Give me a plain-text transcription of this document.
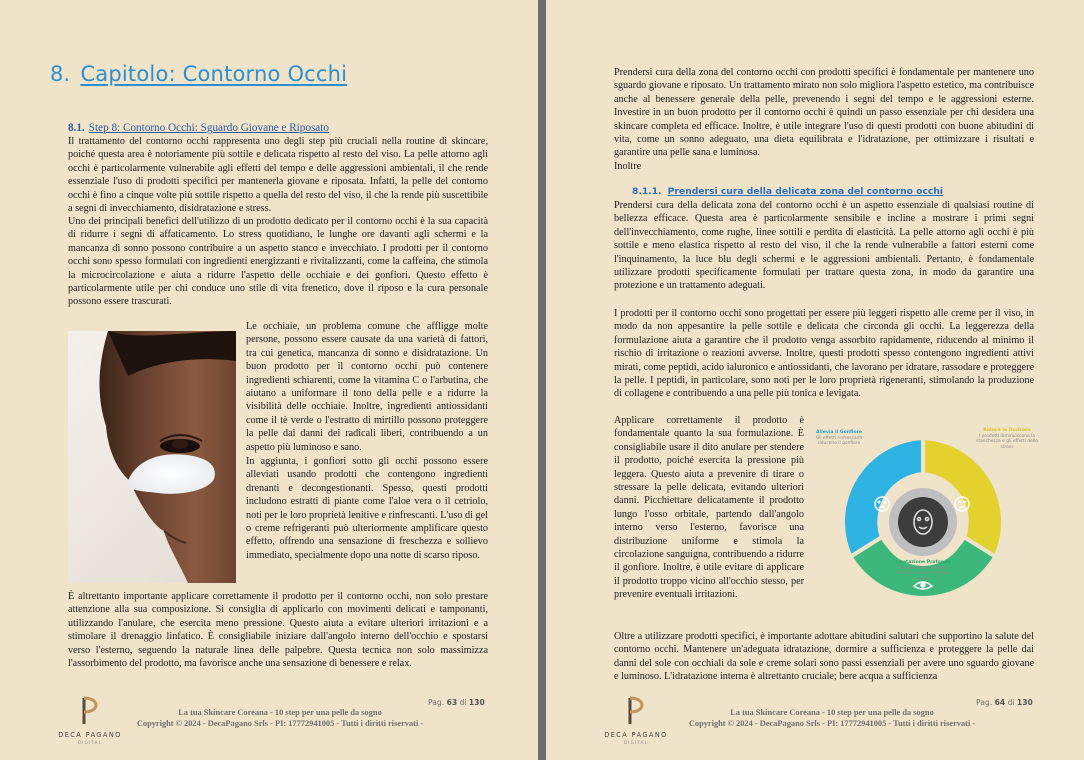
8. Capitolo: Contorno Occhi
8.1. Step 8: Contorno Occhi: Sguardo Giovane e Riposato

Il trattamento del contorno occhi rappresenta uno degli step più cruciali nella routine di skincare, poiché questa area è notoriamente più sottile e delicata rispetto al resto del viso. La pelle attorno agli occhi è particolarmente vulnerabile agli effetti del tempo e delle aggressioni ambientali, il che rende essenziale l'uso di prodotti specifici per mantenerla giovane e riposata. Infatti, la pelle del contorno occhi è fino a cinque volte più sottile rispetto a quella del resto del viso, il che la rende più suscettibile a segni di invecchiamento, disidratazione e stress.

Uno dei principali benefici dell'utilizzo di un prodotto dedicato per il contorno occhi è la sua capacità di ridurre i segni di affaticamento. Lo stress quotidiano, le lunghe ore davanti agli schermi e la mancanza di sonno possono contribuire a un aspetto stanco e invecchiato. I prodotti per il contorno occhi sono spesso formulati con ingredienti energizzanti e rivitalizzanti, come la caffeina, che stimola la microcircolazione e aiuta a ridurre l'aspetto delle occhiaie e dei gonfiori. Questo effetto è particolarmente utile per chi conduce uno stile di vita frenetico, dove il riposo e la cura personale possono essere trascurati.

Le occhiaie, un problema comune che affligge molte persone, possono essere causate da una varietà di fattori, tra cui genetica, mancanza di sonno e disidratazione. Un buon prodotto per il contorno occhi può contenere ingredienti schiarenti, come la vitamina C o l'arbutina, che aiutano a uniformare il tono della pelle e a ridurre la visibilità delle occhiaie. Inoltre, ingredienti antiossidanti come il tè verde o l'estratto di mirtillo possono proteggere la pelle dai danni dei radicali liberi, contribuendo a un aspetto più luminoso e sano.

In aggiunta, i gonfiori sotto gli occhi possono essere alleviati usando prodotti che contengono ingredienti drenanti e decongestionanti. Spesso, questi prodotti includono estratti di piante come l'aloe vera o il cetriolo, noti per le loro proprietà lenitive e rinfrescanti. L'uso di gel o creme refrigeranti può ulteriormente amplificare questo effetto, offrendo una sensazione di freschezza e sollievo immediato, specialmente dopo una notte di scarso riposo.

È altrettanto importante applicare correttamente il prodotto per il contorno occhi, non solo prestare attenzione alla sua composizione. Si consiglia di applicarlo con movimenti delicati e tamponanti, utilizzando l'anulare, che esercita meno pressione. Questo aiuta a evitare ulteriori irritazioni e a stimolare il drenaggio linfatico. È consigliabile iniziare dall'angolo interno dell'occhio e spostarsi verso l'esterno, seguendo la naturale linea delle palpebre. Questa tecnica non solo massimizza l'assorbimento del prodotto, ma favorisce anche una sensazione di benessere e relax.

DECA PAGANO
DIGITAL
La tua Skincare Coreana - 10 step per una pelle da sogno
Copyright © 2024 - DecaPagano Srls - PI: 17772941005 - Tutti i diritti riservati -
Pag. 63 di 130

Prendersi cura della zona del contorno occhi con prodotti specifici è fondamentale per mantenere uno sguardo giovane e riposato. Un trattamento mirato non solo migliora l'aspetto estetico, ma contribuisce anche al benessere generale della pelle, prevenendo i segni del tempo e le aggressioni esterne. Investire in un buon prodotto per il contorno occhi è quindi un passo essenziale per chi desidera una skincare completa ed efficace. Inoltre, è utile integrare l'uso di questi prodotti con buone abitudini di vita, come un sonno adeguato, una dieta equilibrata e l'idratazione, per ottimizzare i risultati e garantire una pelle sana e luminosa.

Inoltre

8.1.1. Prendersi cura della delicata zona del contorno occhi

Prendersi cura della delicata zona del contorno occhi è un aspetto essenziale di qualsiasi routine di bellezza efficace. Questa area è particolarmente sensibile e incline a mostrare i primi segni dell'invecchiamento, come rughe, linee sottili e perdita di elasticità. La pelle attorno agli occhi è più sottile e meno elastica rispetto al resto del viso, il che la rende vulnerabile a fattori esterni come l'inquinamento, la luce blu degli schermi e le aggressioni ambientali. Pertanto, è fondamentale utilizzare prodotti specificamente formulati per trattare questa zona, in modo da garantire una protezione e un trattamento adeguati.

I prodotti per il contorno occhi sono progettati per essere più leggeri rispetto alle creme per il viso, in modo da non appesantire la pelle sottile e delicata che circonda gli occhi. La leggerezza della formulazione aiuta a garantire che il prodotto venga assorbito rapidamente, riducendo al minimo il rischio di irritazione o reazioni avverse. Inoltre, questi prodotti spesso contengono ingredienti attivi mirati, come peptidi, acido ialuronico e antiossidanti, che lavorano per idratare, rassodare e proteggere la pelle. I peptidi, in particolare, sono noti per le loro proprietà rigeneranti, stimolando la produzione di collagene e contribuendo a una pelle più tonica e levigata.

Applicare correttamente il prodotto è fondamentale quanto la sua formulazione. È consigliabile usare il dito anulare per stendere il prodotto, poiché esercita la pressione più leggera. Questo aiuta a prevenire di tirare o stressare la pelle delicata, evitando ulteriori danni. Picchiettare delicatamente il prodotto lungo l'osso orbitale, partendo dall'angolo interno verso l'esterno, favorisce una distribuzione uniforme e stimola la circolazione sanguigna, contribuendo a ridurre il gonfiore. Inoltre, è utile evitare di applicare il prodotto troppo vicino all'occhio stesso, per prevenire eventuali irritazioni.

Allevia il Gonfiore
Gli effetti rinfrescanti riducono il gonfiore
Riduce le Occhiaie
I prodotti diminuiscono la stanchezza e gli effetti dello stress
Idratazione Profonda
Gli ingredienti idratanti aiutano a ridurre le linee sottili

Oltre a utilizzare prodotti specifici, è importante adottare abitudini salutari che supportino la salute del contorno occhi. Mantenere un'adeguata idratazione, dormire a sufficienza e proteggere la pelle dai danni del sole con occhiali da sole e creme solari sono passi essenziali per avere uno sguardo giovane e luminoso. L'idratazione interna è altrettanto cruciale; bere acqua a sufficienza

DECA PAGANO
DIGITAL
La tua Skincare Coreana - 10 step per una pelle da sogno
Copyright © 2024 - DecaPagano Srls - PI: 17772941005 - Tutti i diritti riservati -
Pag. 64 di 130
